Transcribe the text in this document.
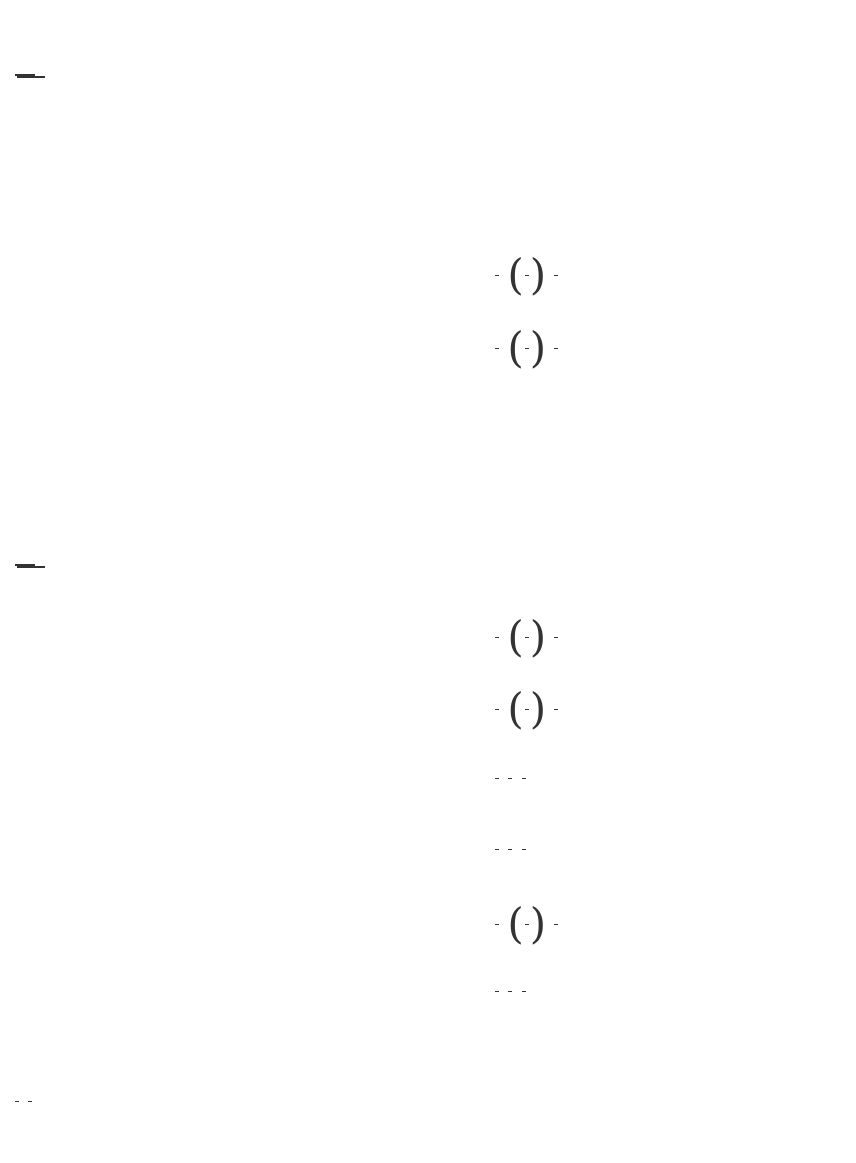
( )
( )

( )
( )

( )
